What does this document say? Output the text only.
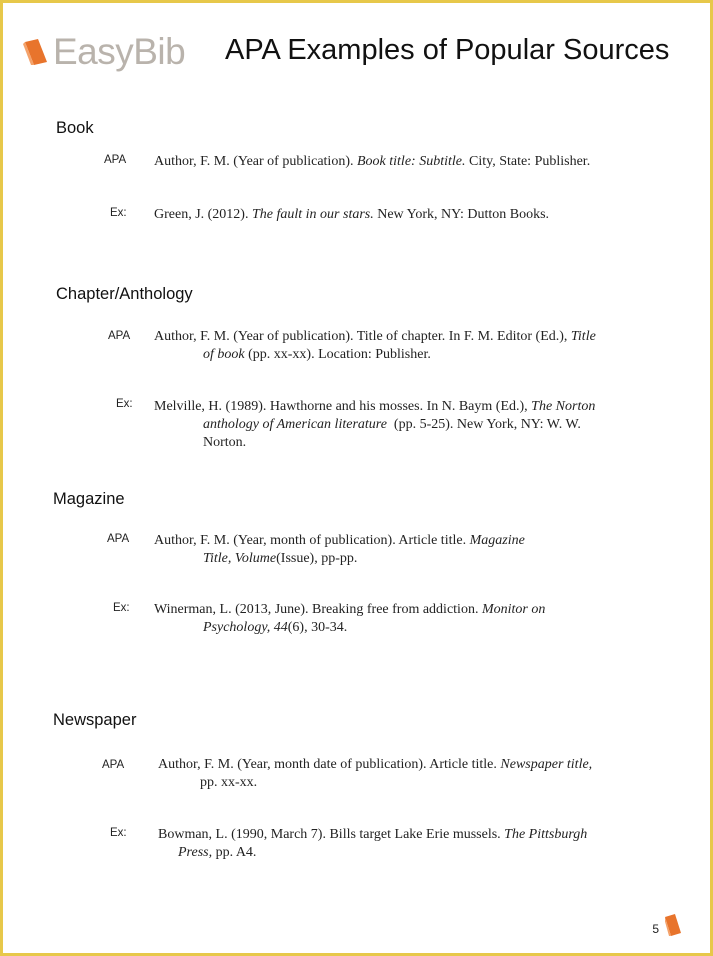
EasyBib APA Examples of Popular Sources
Book
APA Author, F. M. (Year of publication). Book title: Subtitle. City, State: Publisher.
Ex: Green, J. (2012). The fault in our stars. New York, NY: Dutton Books.
Chapter/Anthology
APA Author, F. M. (Year of publication). Title of chapter. In F. M. Editor (Ed.), Title
of book (pp. xx-xx). Location: Publisher.
Ex: Melville, H. (1989). Hawthorne and his mosses. In N. Baym (Ed.), The Norton
anthology of American literature  (pp. 5-25). New York, NY: W. W.
Norton.
Magazine
APA Author, F. M. (Year, month of publication). Article title. Magazine
Title, Volume(Issue), pp-pp.
Ex: Winerman, L. (2013, June). Breaking free from addiction. Monitor on
Psychology, 44(6), 30-34.
Newspaper
APA Author, F. M. (Year, month date of publication). Article title. Newspaper title,
pp. xx-xx.
Ex: Bowman, L. (1990, March 7). Bills target Lake Erie mussels. The Pittsburgh
Press, pp. A4.
5
